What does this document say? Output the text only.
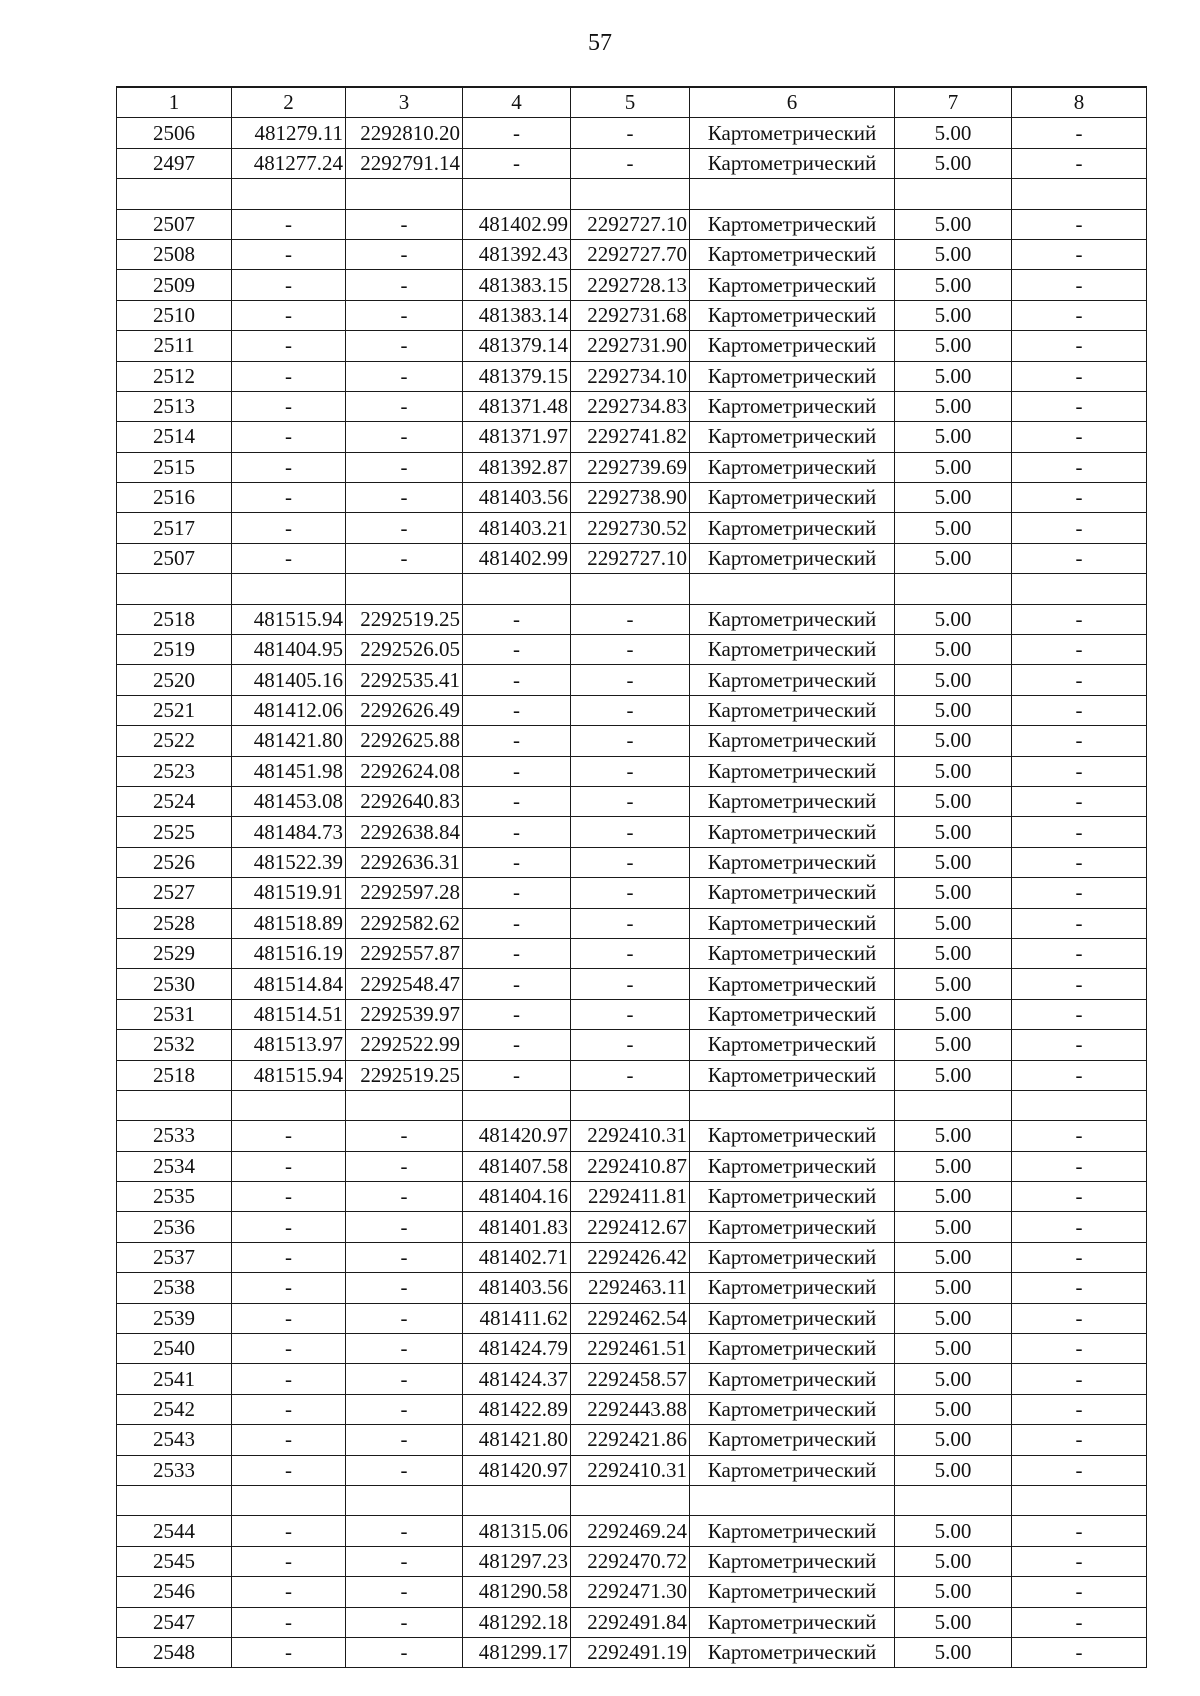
57
1	2	3	4	5	6	7	8
2506	481279.11	2292810.20	-	-	Картометрический	5.00	-
2497	481277.24	2292791.14	-	-	Картометрический	5.00	-

2507	-	-	481402.99	2292727.10	Картометрический	5.00	-
2508	-	-	481392.43	2292727.70	Картометрический	5.00	-
2509	-	-	481383.15	2292728.13	Картометрический	5.00	-
2510	-	-	481383.14	2292731.68	Картометрический	5.00	-
2511	-	-	481379.14	2292731.90	Картометрический	5.00	-
2512	-	-	481379.15	2292734.10	Картометрический	5.00	-
2513	-	-	481371.48	2292734.83	Картометрический	5.00	-
2514	-	-	481371.97	2292741.82	Картометрический	5.00	-
2515	-	-	481392.87	2292739.69	Картометрический	5.00	-
2516	-	-	481403.56	2292738.90	Картометрический	5.00	-
2517	-	-	481403.21	2292730.52	Картометрический	5.00	-
2507	-	-	481402.99	2292727.10	Картометрический	5.00	-

2518	481515.94	2292519.25	-	-	Картометрический	5.00	-
2519	481404.95	2292526.05	-	-	Картометрический	5.00	-
2520	481405.16	2292535.41	-	-	Картометрический	5.00	-
2521	481412.06	2292626.49	-	-	Картометрический	5.00	-
2522	481421.80	2292625.88	-	-	Картометрический	5.00	-
2523	481451.98	2292624.08	-	-	Картометрический	5.00	-
2524	481453.08	2292640.83	-	-	Картометрический	5.00	-
2525	481484.73	2292638.84	-	-	Картометрический	5.00	-
2526	481522.39	2292636.31	-	-	Картометрический	5.00	-
2527	481519.91	2292597.28	-	-	Картометрический	5.00	-
2528	481518.89	2292582.62	-	-	Картометрический	5.00	-
2529	481516.19	2292557.87	-	-	Картометрический	5.00	-
2530	481514.84	2292548.47	-	-	Картометрический	5.00	-
2531	481514.51	2292539.97	-	-	Картометрический	5.00	-
2532	481513.97	2292522.99	-	-	Картометрический	5.00	-
2518	481515.94	2292519.25	-	-	Картометрический	5.00	-

2533	-	-	481420.97	2292410.31	Картометрический	5.00	-
2534	-	-	481407.58	2292410.87	Картометрический	5.00	-
2535	-	-	481404.16	2292411.81	Картометрический	5.00	-
2536	-	-	481401.83	2292412.67	Картометрический	5.00	-
2537	-	-	481402.71	2292426.42	Картометрический	5.00	-
2538	-	-	481403.56	2292463.11	Картометрический	5.00	-
2539	-	-	481411.62	2292462.54	Картометрический	5.00	-
2540	-	-	481424.79	2292461.51	Картометрический	5.00	-
2541	-	-	481424.37	2292458.57	Картометрический	5.00	-
2542	-	-	481422.89	2292443.88	Картометрический	5.00	-
2543	-	-	481421.80	2292421.86	Картометрический	5.00	-
2533	-	-	481420.97	2292410.31	Картометрический	5.00	-

2544	-	-	481315.06	2292469.24	Картометрический	5.00	-
2545	-	-	481297.23	2292470.72	Картометрический	5.00	-
2546	-	-	481290.58	2292471.30	Картометрический	5.00	-
2547	-	-	481292.18	2292491.84	Картометрический	5.00	-
2548	-	-	481299.17	2292491.19	Картометрический	5.00	-
